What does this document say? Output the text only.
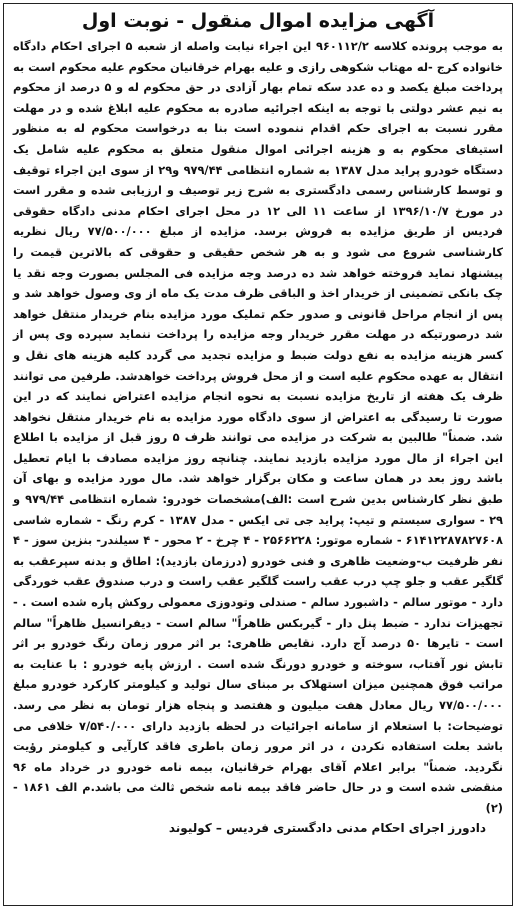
آگهی مزایده اموال منقول - نوبت اول
به موجب پرونده کلاسه ۹۶۰۱۱۲/۲ این اجراء نیابت واصله از شعبه ۵ اجرای احکام دادگاه خانواده کرج -له مهتاب شکوهی رازی و علیه بهرام خرقانیان محکوم علیه محکوم است به پرداخت مبلغ یکصد و ده عدد سکه تمام بهار آزادی در حق محکوم له و ۵ درصد از محکوم به نیم عشر دولتی با توجه به اینکه اجرائیه صادره به محکوم علیه ابلاغ شده و در مهلت مقرر نسبت به اجرای حکم اقدام ننموده است بنا به درخواست محکوم له به منظور استیفای محکوم به و هزینه اجرائی اموال منقول متعلق به محکوم علیه شامل یک دستگاه خودرو پراید مدل ۱۳۸۷ به شماره انتظامی ۹۷۹/۴۴ و۲۹ از سوی این اجراء توقیف و توسط کارشناس رسمی دادگستری به شرح زیر توصیف و ارزیابی شده و مقرر است در مورخ ۱۳۹۶/۱۰/۷ از ساعت ۱۱ الی ۱۲ در محل اجرای احکام مدنی دادگاه حقوقی فردیس از طریق مزایده به فروش برسد. مزایده از مبلغ ۷۷/۵۰۰/۰۰۰ ریال نظریه کارشناسی شروع می شود و به هر شخص حقیقی و حقوقی که بالاترین قیمت را پیشنهاد نماید فروخته خواهد شد ده درصد وجه مزایده فی المجلس بصورت وجه نقد یا چک بانکی تضمینی از خریدار اخذ و الباقی ظرف مدت یک ماه از وی وصول خواهد شد و پس از انجام مراحل قانونی و صدور حکم تملیک مورد مزایده بنام خریدار منتقل خواهد شد درصورتیکه در مهلت مقرر خریدار وجه مزایده را پرداخت ننماید سپرده وی پس از کسر هزینه مزایده به نفع دولت ضبط و مزایده تجدید می گردد کلیه هزینه های نقل و انتقال به عهده محکوم علیه است و از محل فروش پرداخت خواهدشد. طرفین می توانند ظرف یک هفته از تاریخ مزایده نسبت به نحوه انجام مزایده اعتراض نمایند که در این صورت تا رسیدگی به اعتراض از سوی دادگاه مورد مزایده به نام خریدار منتقل نخواهد شد. ضمناً" طالبین به شرکت در مزایده می توانند ظرف ۵ روز قبل از مزایده با اطلاع این اجراء از مال مورد مزایده بازدید نمایند. چنانچه روز مزایده مصادف با ایام تعطیل باشد روز بعد در همان ساعت و مکان برگزار خواهد شد. مال مورد مزایده و بهای آن طبق نظر کارشناس بدین شرح است :الف)مشخصات خودرو: شماره انتظامی ۹۷۹/۴۴ و ۲۹ - سواری سیستم و تیپ: پراید جی تی ایکس - مدل ۱۳۸۷ - کرم رنگ - شماره شاسی ۶۱۴۱۲۲۸۷۸۲۷۶۰۸ - شماره موتور: ۲۵۶۶۲۲۸ - ۴ چرخ - ۲ محور - ۴ سیلندر- بنزین سوز - ۴ نفر ظرفیت ب-وضعیت ظاهری و فنی خودرو (درزمان بازدید): اطاق و بدنه سپرعقب به گلگیر عقب و جلو چپ درب عقب راست گلگیر عقب راست و درب صندوق عقب خوردگی دارد - موتور سالم - داشبورد سالم - صندلی وتودوزی معمولی روکش پاره شده است . - تجهیزات ندارد - ضبط پنل دار - گیربکس ظاهراً" سالم است - دیفرانسیل ظاهراً" سالم است - تایرها ۵۰ درصد آج دارد. نقایص ظاهری: بر اثر مرور زمان رنگ خودرو بر اثر تابش نور آفتاب، سوخته و خودرو دورنگ شده است . ارزش پایه خودرو : با عنایت به مراتب فوق همچنین میزان استهلاک بر مبنای سال تولید و کیلومتر کارکرد خودرو مبلغ ۷۷/۵۰۰/۰۰۰ ریال معادل هفت میلیون و هفتصد و پنجاه هزار تومان به نظر می رسد. توضیحات: با استعلام از سامانه اجرائیات در لحظه بازدید دارای ۷/۵۴۰/۰۰۰ خلافی می باشد بعلت استفاده نکردن ، در اثر مرور زمان باطری فاقد کارآیی و کیلومتر رؤیت نگردید. ضمناً" برابر اعلام آقای بهرام خرقانیان، بیمه نامه خودرو در خرداد ماه ۹۶ منقضی شده است و در حال حاضر فاقد بیمه نامه شخص ثالث می باشد.م الف ۱۸۶۱ -(۲)
دادورز اجرای احکام مدنی دادگستری فردیس – کولیوند
